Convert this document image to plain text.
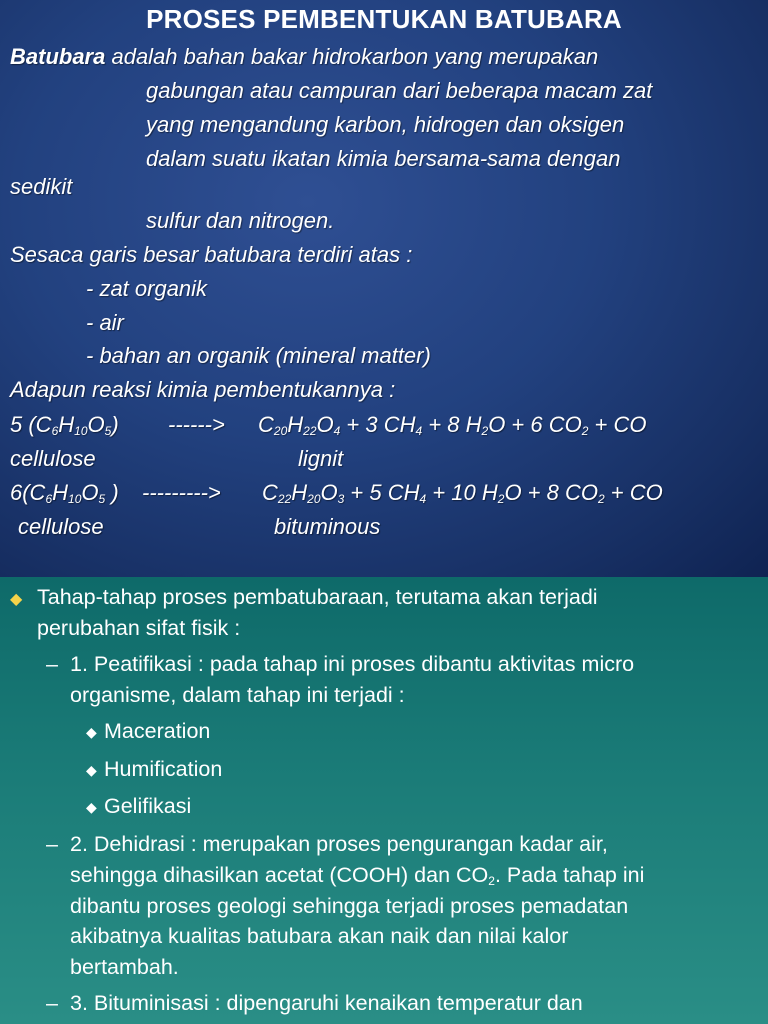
PROSES PEMBENTUKAN BATUBARA
Batubara adalah bahan bakar hidrokarbon yang merupakan
gabungan atau campuran dari beberapa macam zat
yang mengandung karbon, hidrogen dan oksigen
dalam suatu ikatan kimia bersama-sama dengan
sedikit
sulfur dan nitrogen.
Sesaca garis besar batubara terdiri atas :
- zat organik
- air
- bahan an organik (mineral matter)
Adapun reaksi kimia pembentukannya :
5 (C6H10O5) ------> C20H22O4 + 3 CH4 + 8 H2O + 6 CO2 + CO
cellulose	lignit
6(C6H10O5 ) ---------> C22H20O3 + 5 CH4 + 10 H2O + 8 CO2 + CO
cellulose	bituminous
◆ Tahap-tahap proses pembatubaraan, terutama akan terjadi
perubahan sifat fisik :
– 1. Peatifikasi : pada tahap ini proses dibantu aktivitas micro
organisme, dalam tahap ini terjadi :
◆ Maceration
◆ Humification
◆ Gelifikasi
– 2. Dehidrasi : merupakan proses pengurangan kadar air,
sehingga dihasilkan acetat (COOH) dan CO2. Pada tahap ini
dibantu proses geologi sehingga terjadi proses pemadatan
akibatnya kualitas batubara akan naik dan nilai kalor
bertambah.
– 3. Bituminisasi : dipengaruhi kenaikan temperatur dan
